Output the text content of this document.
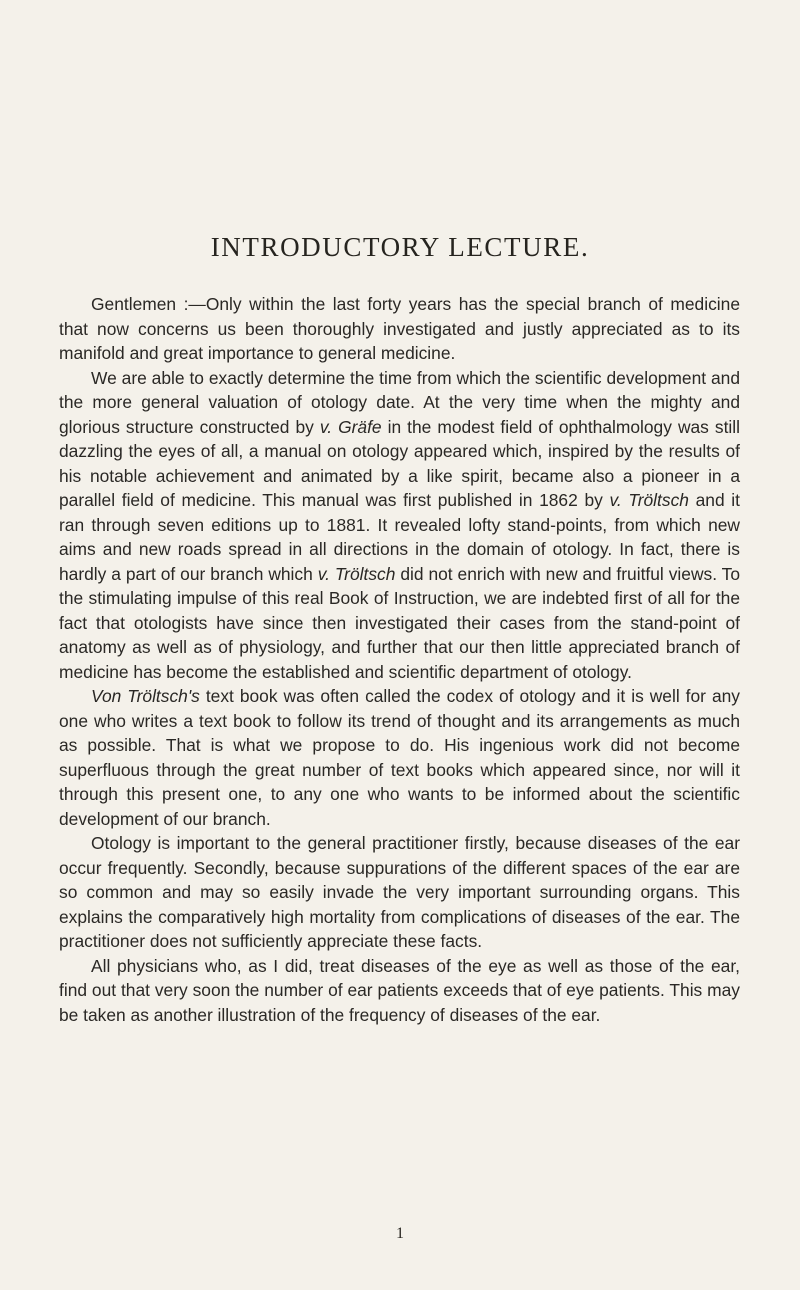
INTRODUCTORY LECTURE.

Gentlemen :—Only within the last forty years has the special branch of medicine that now concerns us been thoroughly investigated and justly appreciated as to its manifold and great importance to general medicine.

We are able to exactly determine the time from which the scientific development and the more general valuation of otology date. At the very time when the mighty and glorious structure constructed by v. Gräfe in the modest field of ophthalmology was still dazzling the eyes of all, a manual on otology appeared which, inspired by the results of his notable achievement and animated by a like spirit, became also a pioneer in a parallel field of medicine. This manual was first published in 1862 by v. Tröltsch and it ran through seven editions up to 1881. It revealed lofty stand-points, from which new aims and new roads spread in all directions in the domain of otology. In fact, there is hardly a part of our branch which v. Tröltsch did not enrich with new and fruitful views. To the stimulating impulse of this real Book of Instruction, we are indebted first of all for the fact that otologists have since then investigated their cases from the stand-point of anatomy as well as of physiology, and further that our then little appreciated branch of medicine has become the established and scientific department of otology.

Von Tröltsch's text book was often called the codex of otology and it is well for any one who writes a text book to follow its trend of thought and its arrangements as much as possible. That is what we propose to do. His ingenious work did not become superfluous through the great number of text books which appeared since, nor will it through this present one, to any one who wants to be informed about the scientific development of our branch.

Otology is important to the general practitioner firstly, because diseases of the ear occur frequently. Secondly, because suppurations of the different spaces of the ear are so common and may so easily invade the very important surrounding organs. This explains the comparatively high mortality from complications of diseases of the ear. The practitioner does not sufficiently appreciate these facts.

All physicians who, as I did, treat diseases of the eye as well as those of the ear, find out that very soon the number of ear patients exceeds that of eye patients. This may be taken as another illustration of the frequency of diseases of the ear.

1
